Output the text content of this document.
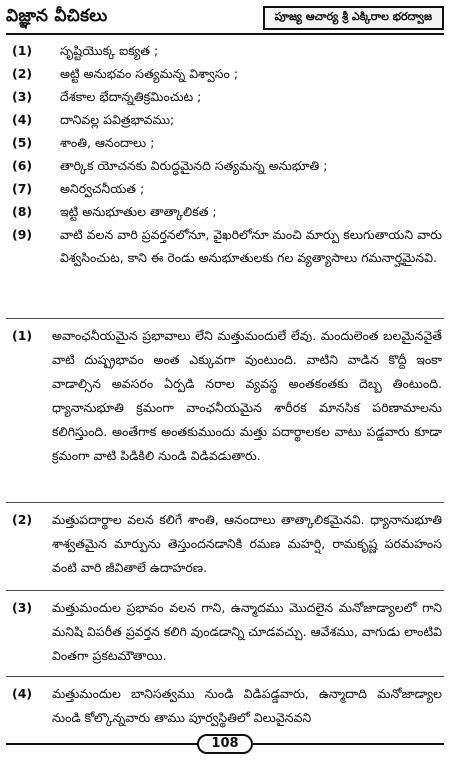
విజ్ఞాన వీచికలు	పూజ్య ఆచార్య శ్రీ ఎక్కిరాల భరద్వాజ
(1)	సృష్టియొక్క ఐక్యత ;
(2)	అట్టి అనుభవం సత్యమన్న విశ్వాసం ;
(3)	దేశకాల భేదాన్నతిక్రమించుట ;
(4)	దానివల్ల పవిత్రభావము;
(5)	శాంతి, ఆనందాలు ;
(6)	తార్కిక యోచనకు విరుద్ధమైనది సత్యమన్న అనుభూతి ;
(7)	అనిర్వచనీయత ;
(8)	ఇట్టి అనుభూతుల తాత్కాలికత ;
(9)	వాటి వలన వారి ప్రవర్తనలోనూ, వైఖరిలోనూ మంచి మార్పు కలుగుతాయని వారు విశ్వసించుట, కాని ఈ రెండు అనుభూతులకు గల వ్యత్యాసాలు గమనార్హమైనవి.
(1)	అవాంఛనీయమైన ప్రభావాలు లేని మత్తుమందులే లేవు. మందులెంత బలమైనవైతే వాటి దుష్ప్రభావం అంత ఎక్కువగా వుంటుంది. వాటిని వాడిన కొద్దీ ఇంకా వాడాల్సిన అవసరం ఏర్పడి నరాల వ్యవస్థ అంతకంతకు దెబ్బ తింటుంది. ధ్యానానుభూతి క్రమంగా వాంఛనీయమైన శారీరక మానసిక పరిణామాలను కలిగిస్తుంది. అంతేగాక అంతకుముందు మత్తు పదార్థాలకల వాటు పడ్డవారు కూడా క్రమంగా వాటి పిడికిలి నుండి విడివడుతారు.
(2)	మత్తుపదార్థాల వలన కలిగే శాంతి, ఆనందాలు తాత్కాలికమైనవి. ధ్యానానుభూతి శాశ్వతమైన మార్పును తెస్తుందనడానికి రమణ మహర్షి, రామకృష్ణ పరమహంస వంటి వారి జీవితాలే ఉదాహరణ.
(3)	మత్తుమందుల ప్రభావం వలన గాని, ఉన్మాదము మొదలైన మనోజాడ్యాలలో గాని మనిషి విపరీత ప్రవర్తన కలిగి వుండడాన్ని చూడవచ్చు. ఆవేశము, వాగుడు లాంటివి వింతగా ప్రకటమౌతాయి.
(4)	మత్తుమందుల బానిసత్వము నుండి విడిపడ్డవారు, ఉన్మాదాది మనోజాడ్యాల నుండి కోల్కొన్నవారు తాము పూర్వస్థితిలో విలువైనవని
108
